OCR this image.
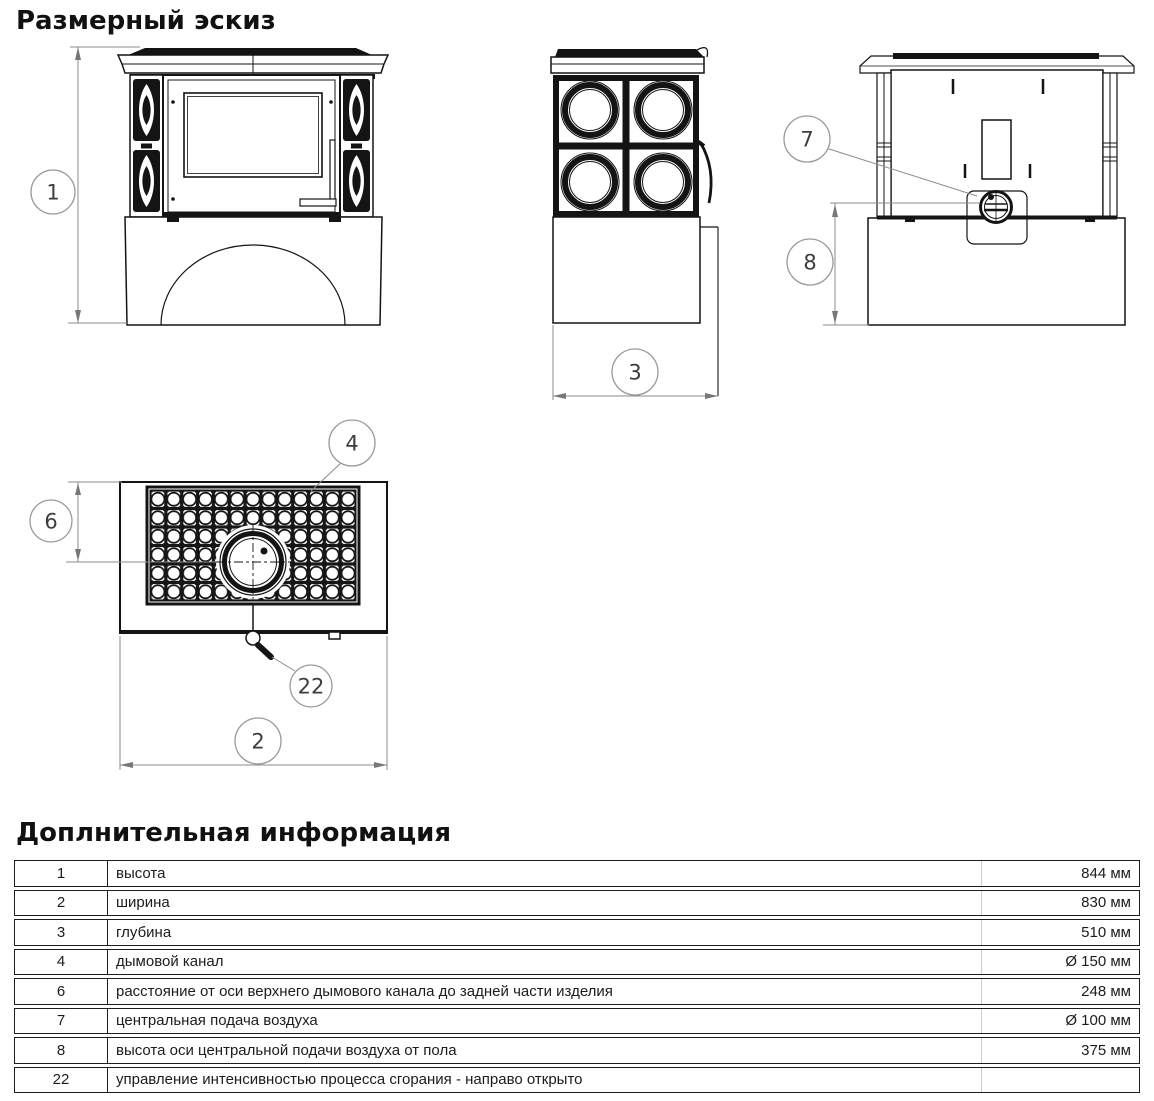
Размерный эскиз
1
3
7
8
4
6
22
2
Доплнительная информация
1	высота	844 мм
2	ширина	830 мм
3	глубина	510 мм
4	дымовой канал	Ø 150 мм
6	расстояние от оси верхнего дымового канала до задней части изделия	248 мм
7	центральная подача воздуха	Ø 100 мм
8	высота оси центральной подачи воздуха от пола	375 мм
22	управление интенсивностью процесса сгорания - направо открыто
